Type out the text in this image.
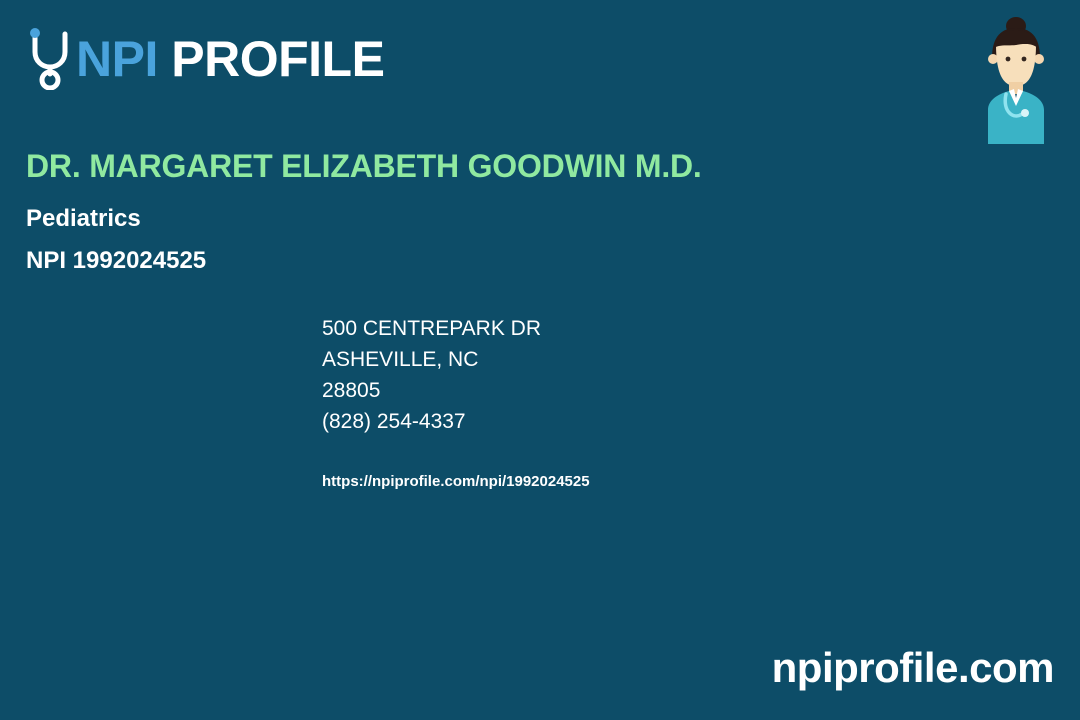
NPI PROFILE
DR. MARGARET ELIZABETH GOODWIN M.D.
Pediatrics
NPI 1992024525
500 CENTREPARK DR
ASHEVILLE, NC
28805
(828) 254-4337
https://npiprofile.com/npi/1992024525
npiprofile.com
